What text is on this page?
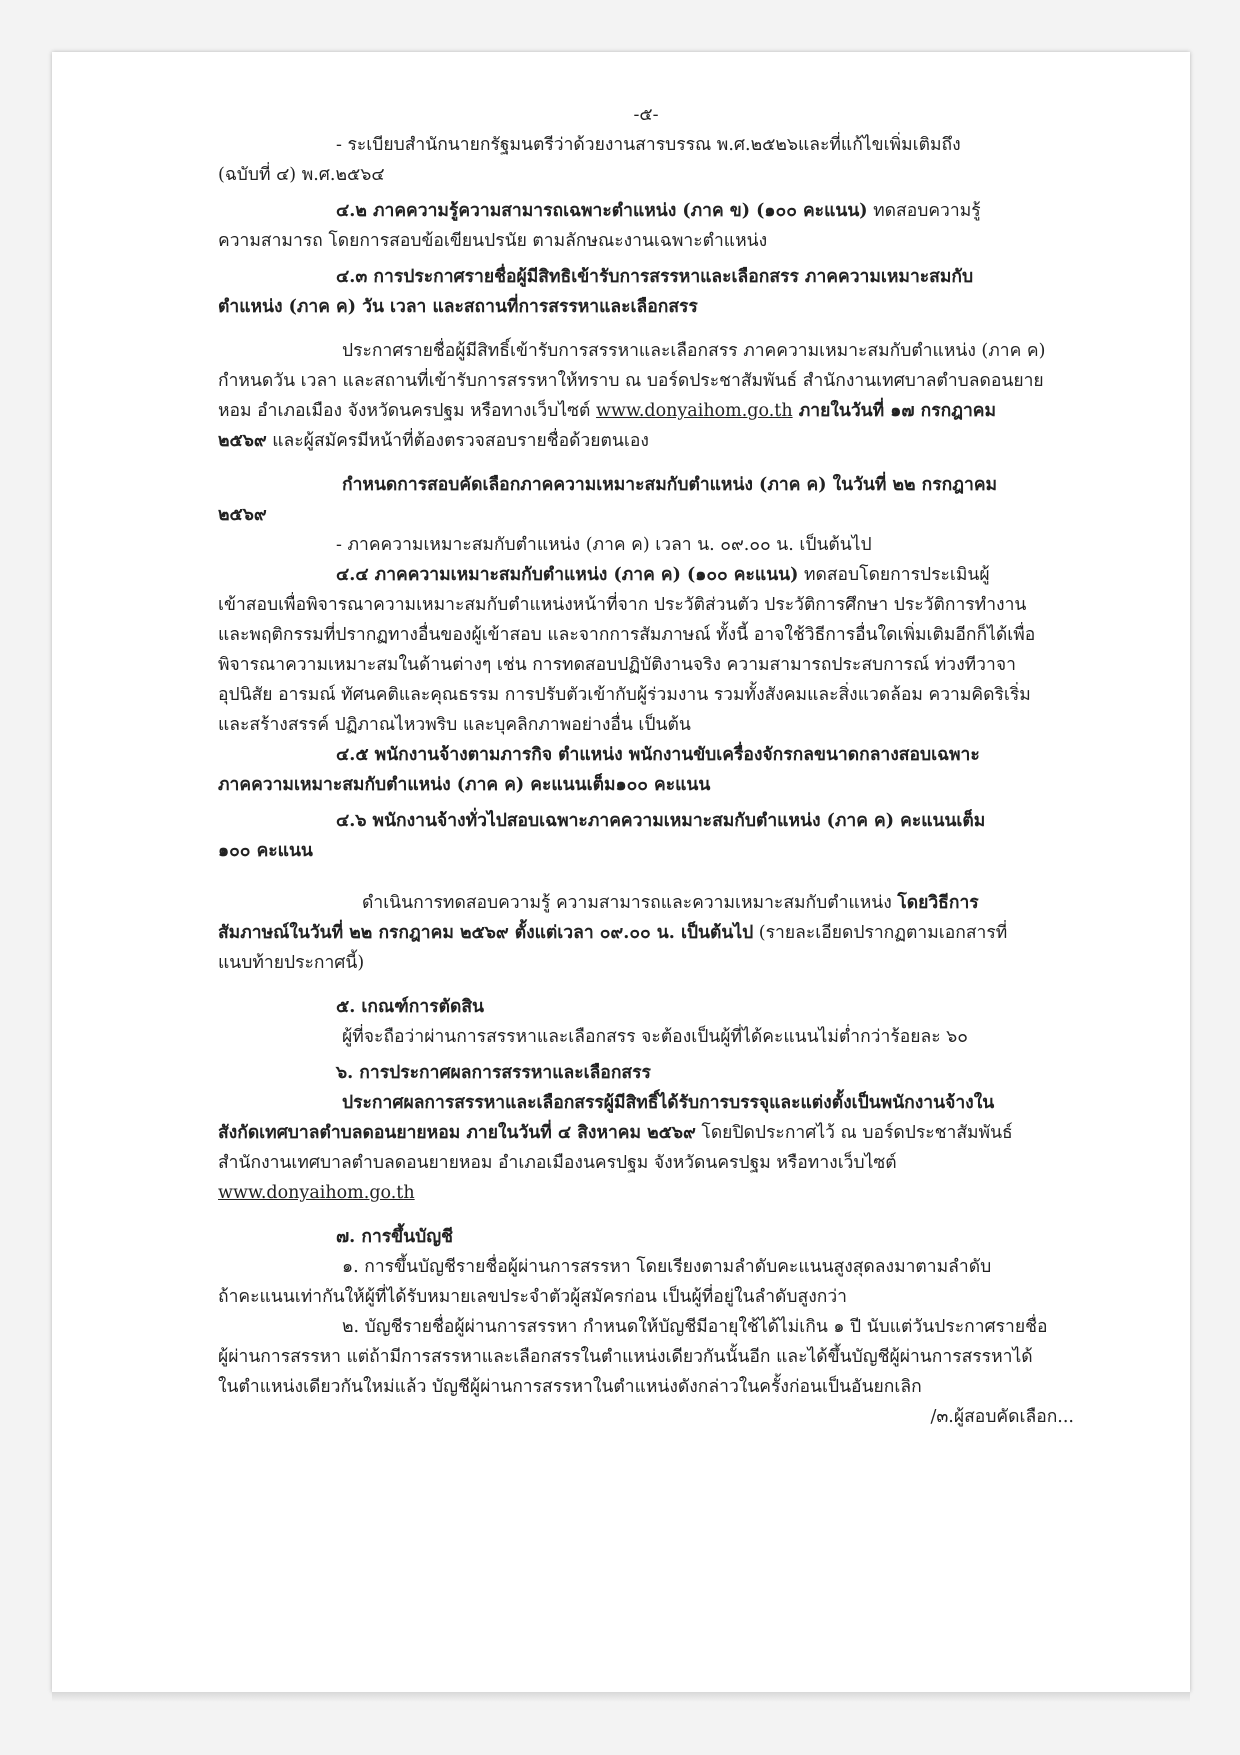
-๕-
- ระเบียบสำนักนายกรัฐมนตรีว่าด้วยงานสารบรรณ พ.ศ.๒๕๒๖และที่แก้ไขเพิ่มเติมถึง
(ฉบับที่ ๔) พ.ศ.๒๕๖๔
๔.๒ ภาคความรู้ความสามารถเฉพาะตำแหน่ง (ภาค ข) (๑๐๐ คะแนน) ทดสอบความรู้
ความสามารถ โดยการสอบข้อเขียนปรนัย ตามลักษณะงานเฉพาะตำแหน่ง
๔.๓ การประกาศรายชื่อผู้มีสิทธิเข้ารับการสรรหาและเลือกสรร ภาคความเหมาะสมกับ
ตำแหน่ง (ภาค ค) วัน เวลา และสถานที่การสรรหาและเลือกสรร
ประกาศรายชื่อผู้มีสิทธิ์เข้ารับการสรรหาและเลือกสรร ภาคความเหมาะสมกับตำแหน่ง (ภาค ค)
กำหนดวัน เวลา และสถานที่เข้ารับการสรรหาให้ทราบ ณ บอร์ดประชาสัมพันธ์ สำนักงานเทศบาลตำบลดอนยาย
หอม อำเภอเมือง จังหวัดนครปฐม หรือทางเว็บไซต์ www.donyaihom.go.th ภายในวันที่ ๑๗ กรกฎาคม
๒๕๖๙ และผู้สมัครมีหน้าที่ต้องตรวจสอบรายชื่อด้วยตนเอง
กำหนดการสอบคัดเลือกภาคความเหมาะสมกับตำแหน่ง (ภาค ค) ในวันที่ ๒๒ กรกฎาคม
๒๕๖๙
- ภาคความเหมาะสมกับตำแหน่ง (ภาค ค) เวลา น. ๐๙.๐๐ น. เป็นต้นไป
๔.๔ ภาคความเหมาะสมกับตำแหน่ง (ภาค ค) (๑๐๐ คะแนน) ทดสอบโดยการประเมินผู้
เข้าสอบเพื่อพิจารณาความเหมาะสมกับตำแหน่งหน้าที่จาก ประวัติส่วนตัว ประวัติการศึกษา ประวัติการทำงาน
และพฤติกรรมที่ปรากฏทางอื่นของผู้เข้าสอบ และจากการสัมภาษณ์ ทั้งนี้ อาจใช้วิธีการอื่นใดเพิ่มเติมอีกก็ได้เพื่อ
พิจารณาความเหมาะสมในด้านต่างๆ เช่น การทดสอบปฏิบัติงานจริง ความสามารถประสบการณ์ ท่วงทีวาจา
อุปนิสัย อารมณ์ ทัศนคติและคุณธรรม การปรับตัวเข้ากับผู้ร่วมงาน รวมทั้งสังคมและสิ่งแวดล้อม ความคิดริเริ่ม
และสร้างสรรค์ ปฏิภาณไหวพริบ และบุคลิกภาพอย่างอื่น เป็นต้น
๔.๕ พนักงานจ้างตามภารกิจ ตำแหน่ง พนักงานขับเครื่องจักรกลขนาดกลางสอบเฉพาะ
ภาคความเหมาะสมกับตำแหน่ง (ภาค ค) คะแนนเต็ม๑๐๐ คะแนน
๔.๖ พนักงานจ้างทั่วไปสอบเฉพาะภาคความเหมาะสมกับตำแหน่ง (ภาค ค) คะแนนเต็ม
๑๐๐ คะแนน
ดำเนินการทดสอบความรู้ ความสามารถและความเหมาะสมกับตำแหน่ง โดยวิธีการ
สัมภาษณ์ในวันที่ ๒๒ กรกฎาคม ๒๕๖๙ ตั้งแต่เวลา ๐๙.๐๐ น. เป็นต้นไป (รายละเอียดปรากฏตามเอกสารที่
แนบท้ายประกาศนี้)
๕. เกณฑ์การตัดสิน
ผู้ที่จะถือว่าผ่านการสรรหาและเลือกสรร จะต้องเป็นผู้ที่ได้คะแนนไม่ต่ำกว่าร้อยละ ๖๐
๖. การประกาศผลการสรรหาและเลือกสรร
ประกาศผลการสรรหาและเลือกสรรผู้มีสิทธิ์ได้รับการบรรจุและแต่งตั้งเป็นพนักงานจ้างใน
สังกัดเทศบาลตำบลดอนยายหอม ภายในวันที่ ๔ สิงหาคม ๒๕๖๙ โดยปิดประกาศไว้ ณ บอร์ดประชาสัมพันธ์
สำนักงานเทศบาลตำบลดอนยายหอม อำเภอเมืองนครปฐม จังหวัดนครปฐม หรือทางเว็บไซต์
www.donyaihom.go.th
๗. การขึ้นบัญชี
๑. การขึ้นบัญชีรายชื่อผู้ผ่านการสรรหา โดยเรียงตามลำดับคะแนนสูงสุดลงมาตามลำดับ
ถ้าคะแนนเท่ากันให้ผู้ที่ได้รับหมายเลขประจำตัวผู้สมัครก่อน เป็นผู้ที่อยู่ในลำดับสูงกว่า
๒. บัญชีรายชื่อผู้ผ่านการสรรหา กำหนดให้บัญชีมีอายุใช้ได้ไม่เกิน ๑ ปี นับแต่วันประกาศรายชื่อ
ผู้ผ่านการสรรหา แต่ถ้ามีการสรรหาและเลือกสรรในตำแหน่งเดียวกันนั้นอีก และได้ขึ้นบัญชีผู้ผ่านการสรรหาได้
ในตำแหน่งเดียวกันใหม่แล้ว บัญชีผู้ผ่านการสรรหาในตำแหน่งดังกล่าวในครั้งก่อนเป็นอันยกเลิก
/๓.ผู้สอบคัดเลือก...
